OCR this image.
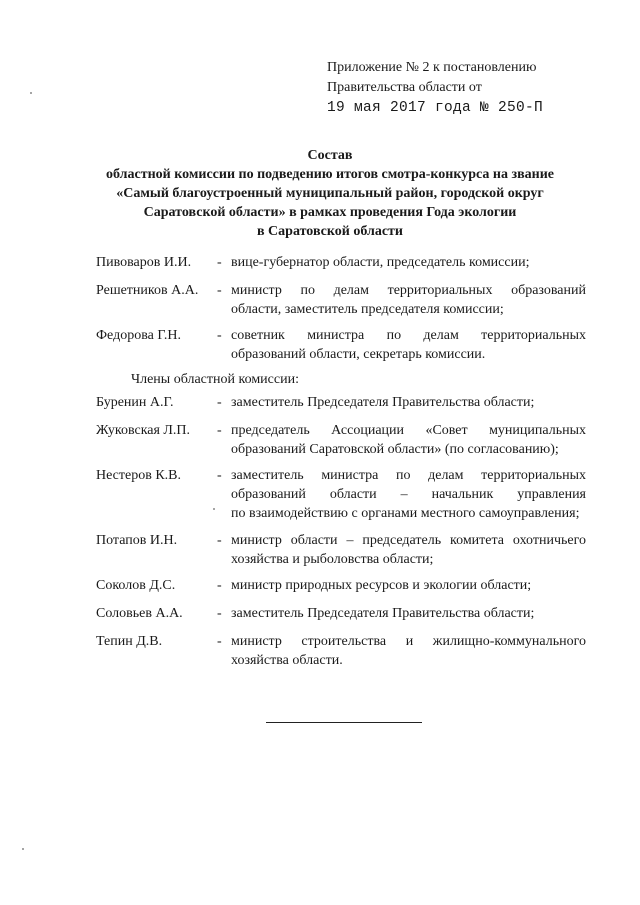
Приложение № 2 к постановлению
Правительства области от
19 мая 2017 года № 250-П
Состав
областной комиссии по подведению итогов смотра-конкурса на звание
«Самый благоустроенный муниципальный район, городской округ
Саратовской области» в рамках проведения Года экологии
в Саратовской области
Пивоваров И.И. - вице-губернатор области, председатель комиссии;
Решетников А.А. - министр по делам территориальных образований
области, заместитель председателя комиссии;
Федорова Г.Н.	- советник министра по делам территориальных
образований области, секретарь комиссии.
Члены областной комиссии:
Буренин А.Г.	- заместитель Председателя Правительства области;
Жуковская Л.П. - председатель Ассоциации «Совет муниципальных
образований Саратовской области» (по согласованию);
Нестеров К.В.	- заместитель министра по делам территориальных
образований области – начальник управления
по взаимодействию с органами местного самоуправления;
Потапов И.Н.	- министр области – председатель комитета охотничьего
хозяйства и рыболовства области;
Соколов Д.С.	- министр природных ресурсов и экологии области;
Соловьев А.А. - заместитель Председателя Правительства области;
Тепин Д.В.	- министр строительства и жилищно-коммунального
хозяйства области.
